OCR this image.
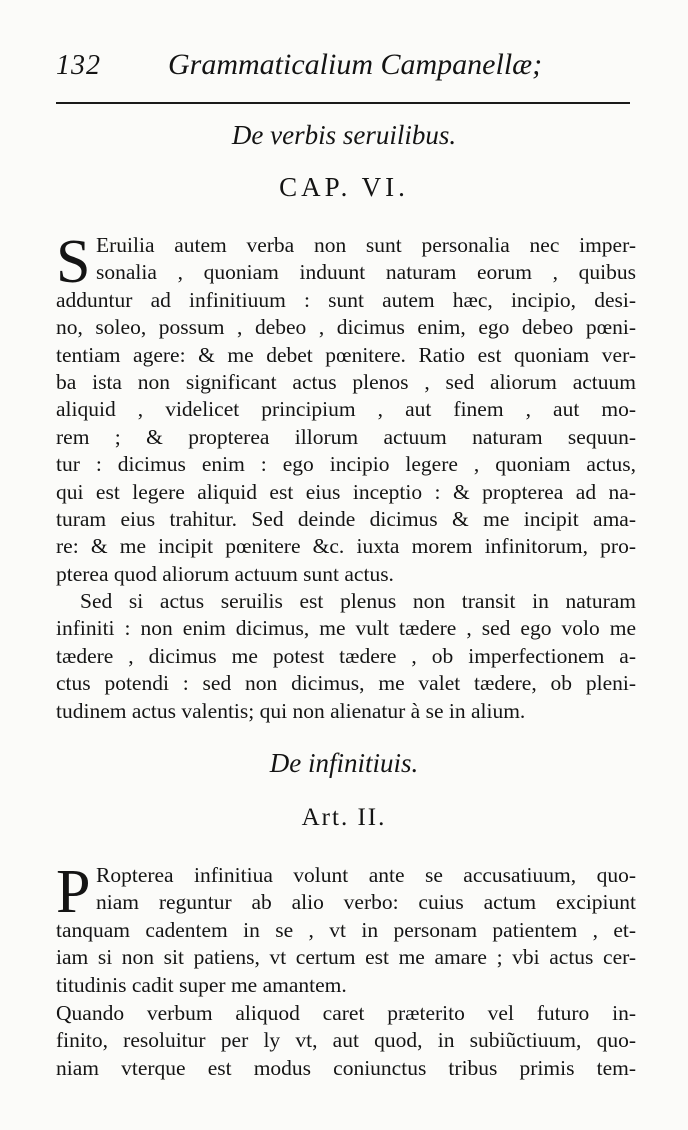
132 Grammaticalium Campanellæ;
De verbis seruilibus.
CAP. VI.
S Eruilia autem verba non sunt personalia nec imper-
sonalia , quoniam induunt naturam eorum , quibus
adduntur ad infinitiuum : sunt autem hæc, incipio, desi-
no, soleo, possum , debeo , dicimus enim, ego debeo pœni-
tentiam agere: & me debet pœnitere. Ratio est quoniam ver-
ba ista non significant actus plenos , sed aliorum actuum
aliquid , videlicet principium , aut finem , aut mo-
rem ; & propterea illorum actuum naturam sequun-
tur : dicimus enim : ego incipio legere , quoniam actus,
qui est legere aliquid est eius inceptio : & propterea ad na-
turam eius trahitur. Sed deinde dicimus & me incipit ama-
re: & me incipit pœnitere &c. iuxta morem infinitorum, pro-
pterea quod aliorum actuum sunt actus.
Sed si actus seruilis est plenus non transit in naturam
infiniti : non enim dicimus, me vult tædere , sed ego volo me
tædere , dicimus me potest tædere , ob imperfectionem a-
ctus potendi : sed non dicimus, me valet tædere, ob pleni-
tudinem actus valentis; qui non alienatur à se in alium.
De infinitiuis.
Art. II.
P Ropterea infinitiua volunt ante se accusatiuum, quo-
niam reguntur ab alio verbo: cuius actum excipiunt
tanquam cadentem in se , vt in personam patientem , et-
iam si non sit patiens, vt certum est me amare ; vbi actus cer-
titudinis cadit super me amantem.
Quando verbum aliquod caret præterito vel futuro in-
finito, resoluitur per ly vt, aut quod, in subiũctiuum, quo-
niam vterque est modus coniunctus tribus primis tem-
